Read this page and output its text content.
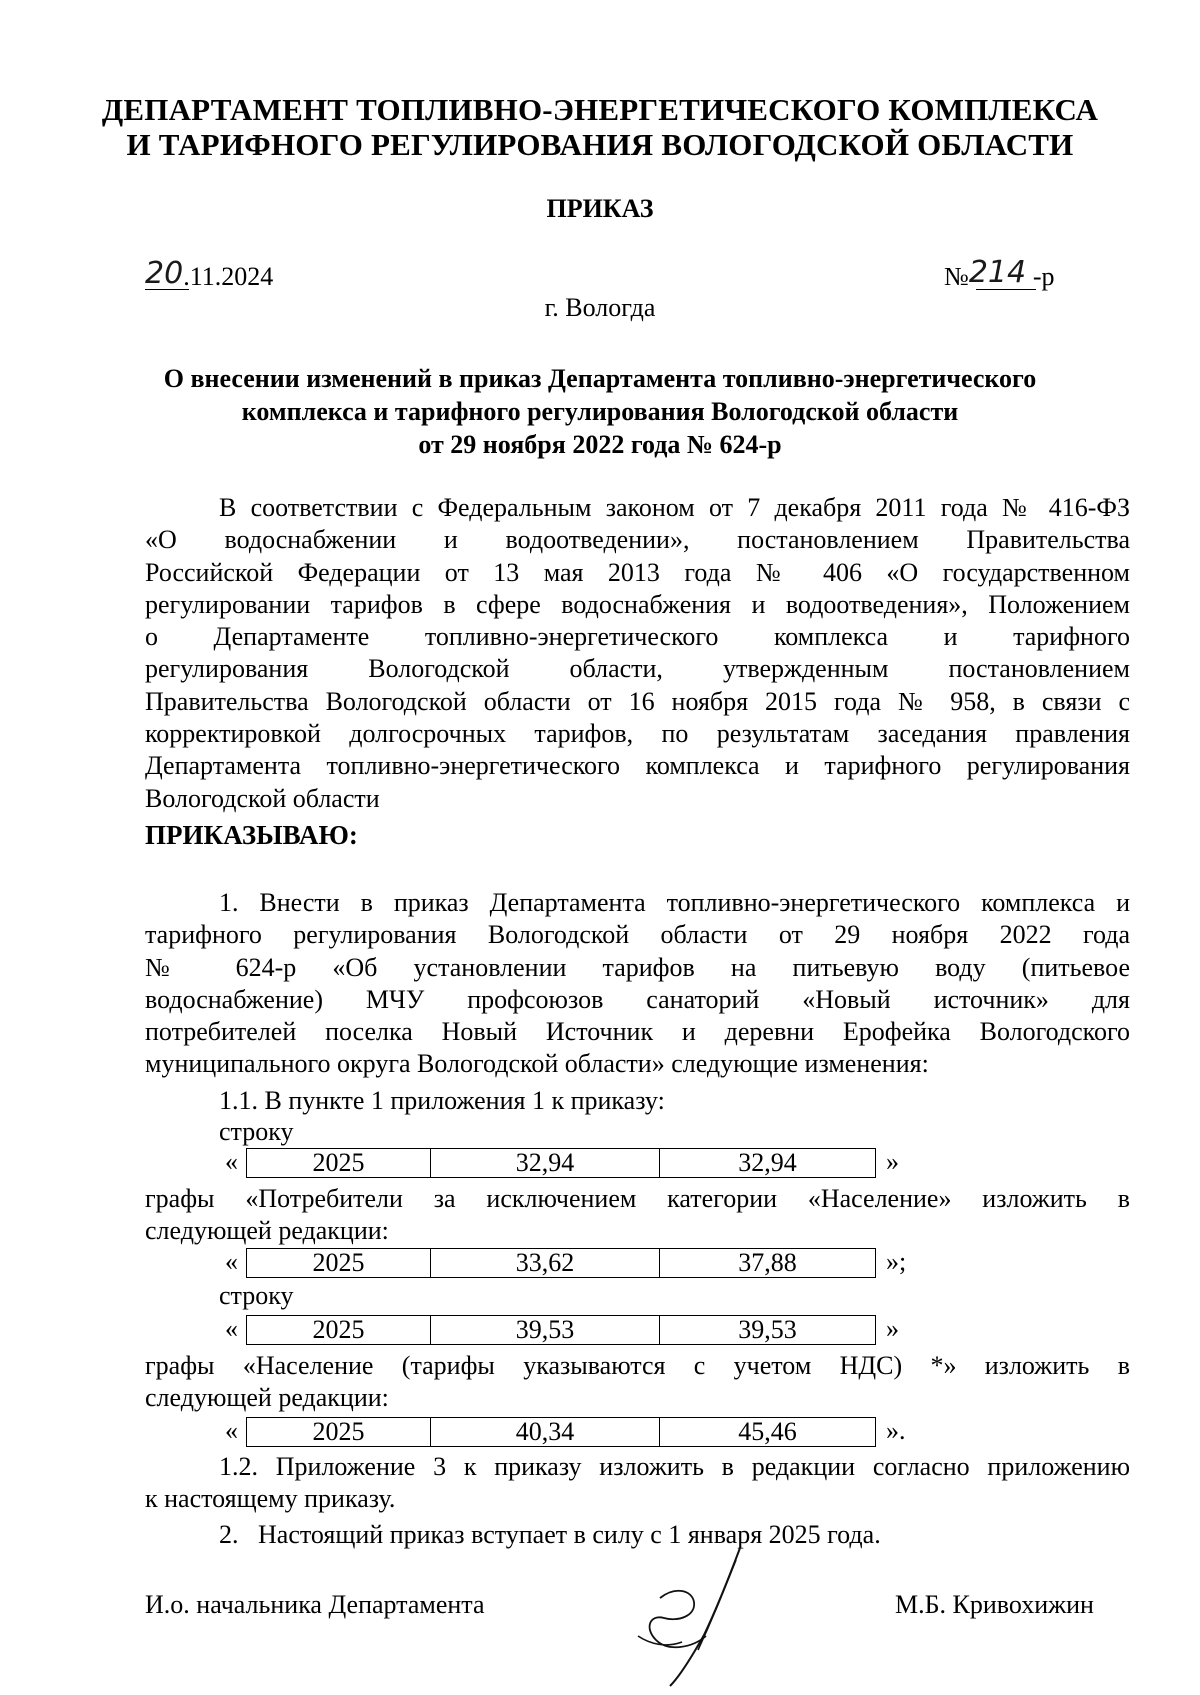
ДЕПАРТАМЕНТ ТОПЛИВНО-ЭНЕРГЕТИЧЕСКОГО КОМПЛЕКСА
И ТАРИФНОГО РЕГУЛИРОВАНИЯ ВОЛОГОДСКОЙ ОБЛАСТИ
ПРИКАЗ
20.11.2024	№214 -р
г. Вологда
О внесении изменений в приказ Департамента топливно-энергетического
комплекса и тарифного регулирования Вологодской области
от 29 ноября 2022 года № 624-р
В соответствии с Федеральным законом от 7 декабря 2011 года № 416-ФЗ
«О водоснабжении и водоотведении», постановлением Правительства
Российской Федерации от 13 мая 2013 года № 406 «О государственном
регулировании тарифов в сфере водоснабжения и водоотведения», Положением
о Департаменте топливно-энергетического комплекса и тарифного
регулирования Вологодской области, утвержденным постановлением
Правительства Вологодской области от 16 ноября 2015 года № 958, в связи с
корректировкой долгосрочных тарифов, по результатам заседания правления
Департамента топливно-энергетического комплекса и тарифного регулирования
Вологодской области
ПРИКАЗЫВАЮ:
1. Внести в приказ Департамента топливно-энергетического комплекса и
тарифного регулирования Вологодской области от 29 ноября 2022 года
№ 624-р «Об установлении тарифов на питьевую воду (питьевое
водоснабжение) МЧУ профсоюзов санаторий «Новый источник» для
потребителей поселка Новый Источник и деревни Ерофейка Вологодского
муниципального округа Вологодской области» следующие изменения:
1.1. В пункте 1 приложения 1 к приказу:
строку
«	2025	32,94	32,94	»
графы «Потребители за исключением категории «Население» изложить в
следующей редакции:
«	2025	33,62	37,88	»;
строку
«	2025	39,53	39,53	»
графы «Население (тарифы указываются с учетом НДС) *» изложить в
следующей редакции:
«	2025	40,34	45,46	».
1.2. Приложение 3 к приказу изложить в редакции согласно приложению
к настоящему приказу.
2.   Настоящий приказ вступает в силу с 1 января 2025 года.
И.о. начальника Департамента	М.Б. Кривохижин
